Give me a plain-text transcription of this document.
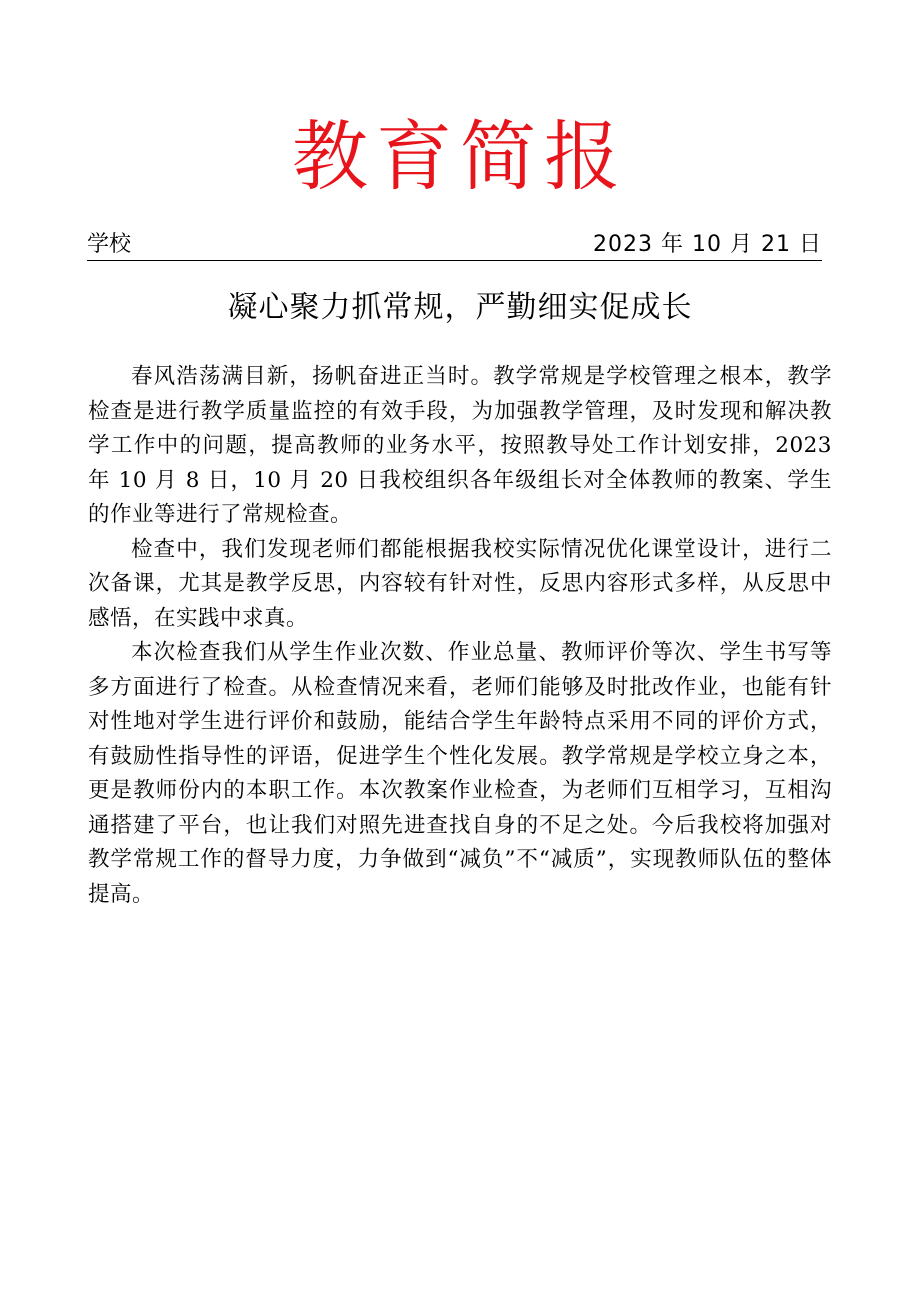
教育简报
学校	2023 年 10 月 21 日
凝心聚力抓常规，严勤细实促成长

春风浩荡满目新，扬帆奋进正当时。教学常规是学校管理之根本，教学检查是进行教学质量监控的有效手段，为加强教学管理，及时发现和解决教学工作中的问题，提高教师的业务水平，按照教导处工作计划安排，2023 年 10 月 8 日，10 月 20 日我校组织各年级组长对全体教师的教案、学生的作业等进行了常规检查。

检查中，我们发现老师们都能根据我校实际情况优化课堂设计，进行二次备课，尤其是教学反思，内容较有针对性，反思内容形式多样，从反思中感悟，在实践中求真。

本次检查我们从学生作业次数、作业总量、教师评价等次、学生书写等多方面进行了检查。从检查情况来看，老师们能够及时批改作业，也能有针对性地对学生进行评价和鼓励，能结合学生年龄特点采用不同的评价方式，有鼓励性指导性的评语，促进学生个性化发展。教学常规是学校立身之本，更是教师份内的本职工作。本次教案作业检查，为老师们互相学习，互相沟通搭建了平台，也让我们对照先进查找自身的不足之处。今后我校将加强对教学常规工作的督导力度，力争做到“减负”不“减质”，实现教师队伍的整体提高。
